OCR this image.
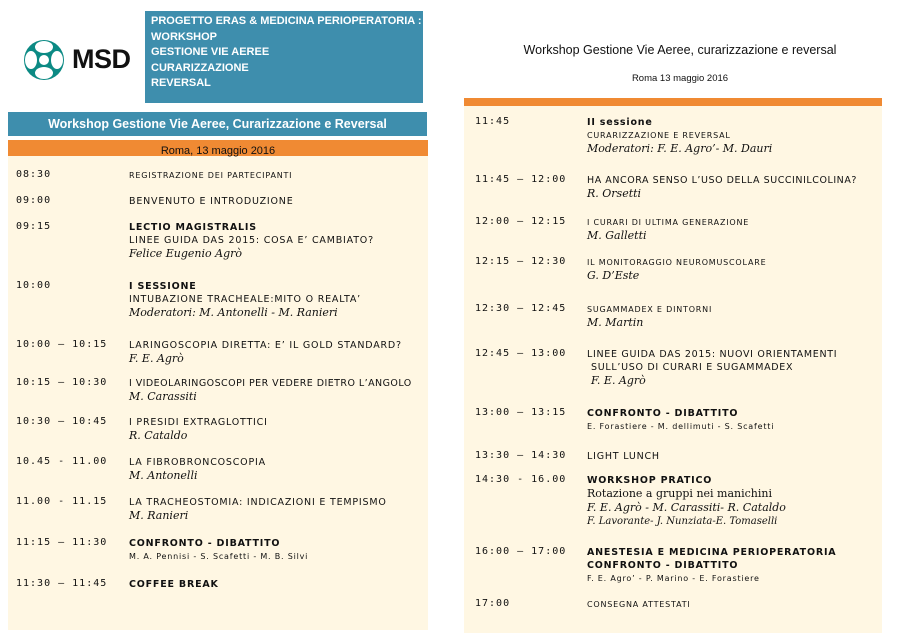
MSD
PROGETTO ERAS & MEDICINA PERIOPERATORIA :
WORKSHOP
GESTIONE VIE AEREE
CURARIZZAZIONE
REVERSAL
Workshop Gestione Vie Aeree, Curarizzazione e Reversal
Roma, 13 maggio 2016
Workshop Gestione Vie Aeree, curarizzazione e reversal
Roma 13 maggio 2016
08:30	REGISTRAZIONE DEI PARTECIPANTI
09:00	BENVENUTO E INTRODUZIONE
09:15	LECTIO MAGISTRALIS
LINEE GUIDA DAS 2015: COSA E’ CAMBIATO?
Felice Eugenio Agrò
10:00	I SESSIONE
INTUBAZIONE TRACHEALE:MITO O REALTA’
Moderatori: M. Antonelli - M. Ranieri
10:00 – 10:15 LARINGOSCOPIA DIRETTA: E’ IL GOLD STANDARD?
F. E. Agrò
10:15 – 10:30 I VIDEOLARINGOSCOPI PER VEDERE DIETRO L’ANGOLO
M. Carassiti
10:30 – 10:45 I PRESIDI EXTRAGLOTTICI
R. Cataldo
10.45 - 11.00 LA FIBROBRONCOSCOPIA
M. Antonelli
11.00 - 11.15 LA TRACHEOSTOMIA: INDICAZIONI E TEMPISMO
M. Ranieri
11:15 – 11:30 CONFRONTO - DIBATTITO
M. A. Pennisi - S. Scafetti - M. B. Silvi
11:30 – 11:45 COFFEE BREAK
11:45	II sessione
CURARIZZAZIONE E REVERSAL
Moderatori: F. E. Agro’- M. Dauri
11:45 – 12:00 HA ANCORA SENSO L’USO DELLA SUCCINILCOLINA?
R. Orsetti
12:00 – 12:15	I CURARI DI ULTIMA GENERAZIONE
M. Galletti
12:15 – 12:30	IL MONITORAGGIO NEUROMUSCOLARE
G. D’Este
12:30 – 12:45	SUGAMMADEX E DINTORNI
M. Martin
12:45 – 13:00 LINEE GUIDA DAS 2015: NUOVI ORIENTAMENTI
SULL’USO DI CURARI E SUGAMMADEX
F. E. Agrò
13:00 – 13:15 CONFRONTO - DIBATTITO
E. Forastiere - M. dellimuti - S. Scafetti
13:30 – 14:30 LIGHT LUNCH
14:30 - 16.00 WORKSHOP PRATICO
Rotazione a gruppi nei manichini
F. E. Agrò - M. Carassiti- R. Cataldo
F. Lavorante- J. Nunziata-E. Tomaselli
16:00 – 17:00 ANESTESIA E MEDICINA PERIOPERATORIA
CONFRONTO - DIBATTITO
F. E. Agro’ - P. Marino - E. Forastiere
17:00	CONSEGNA ATTESTATI
